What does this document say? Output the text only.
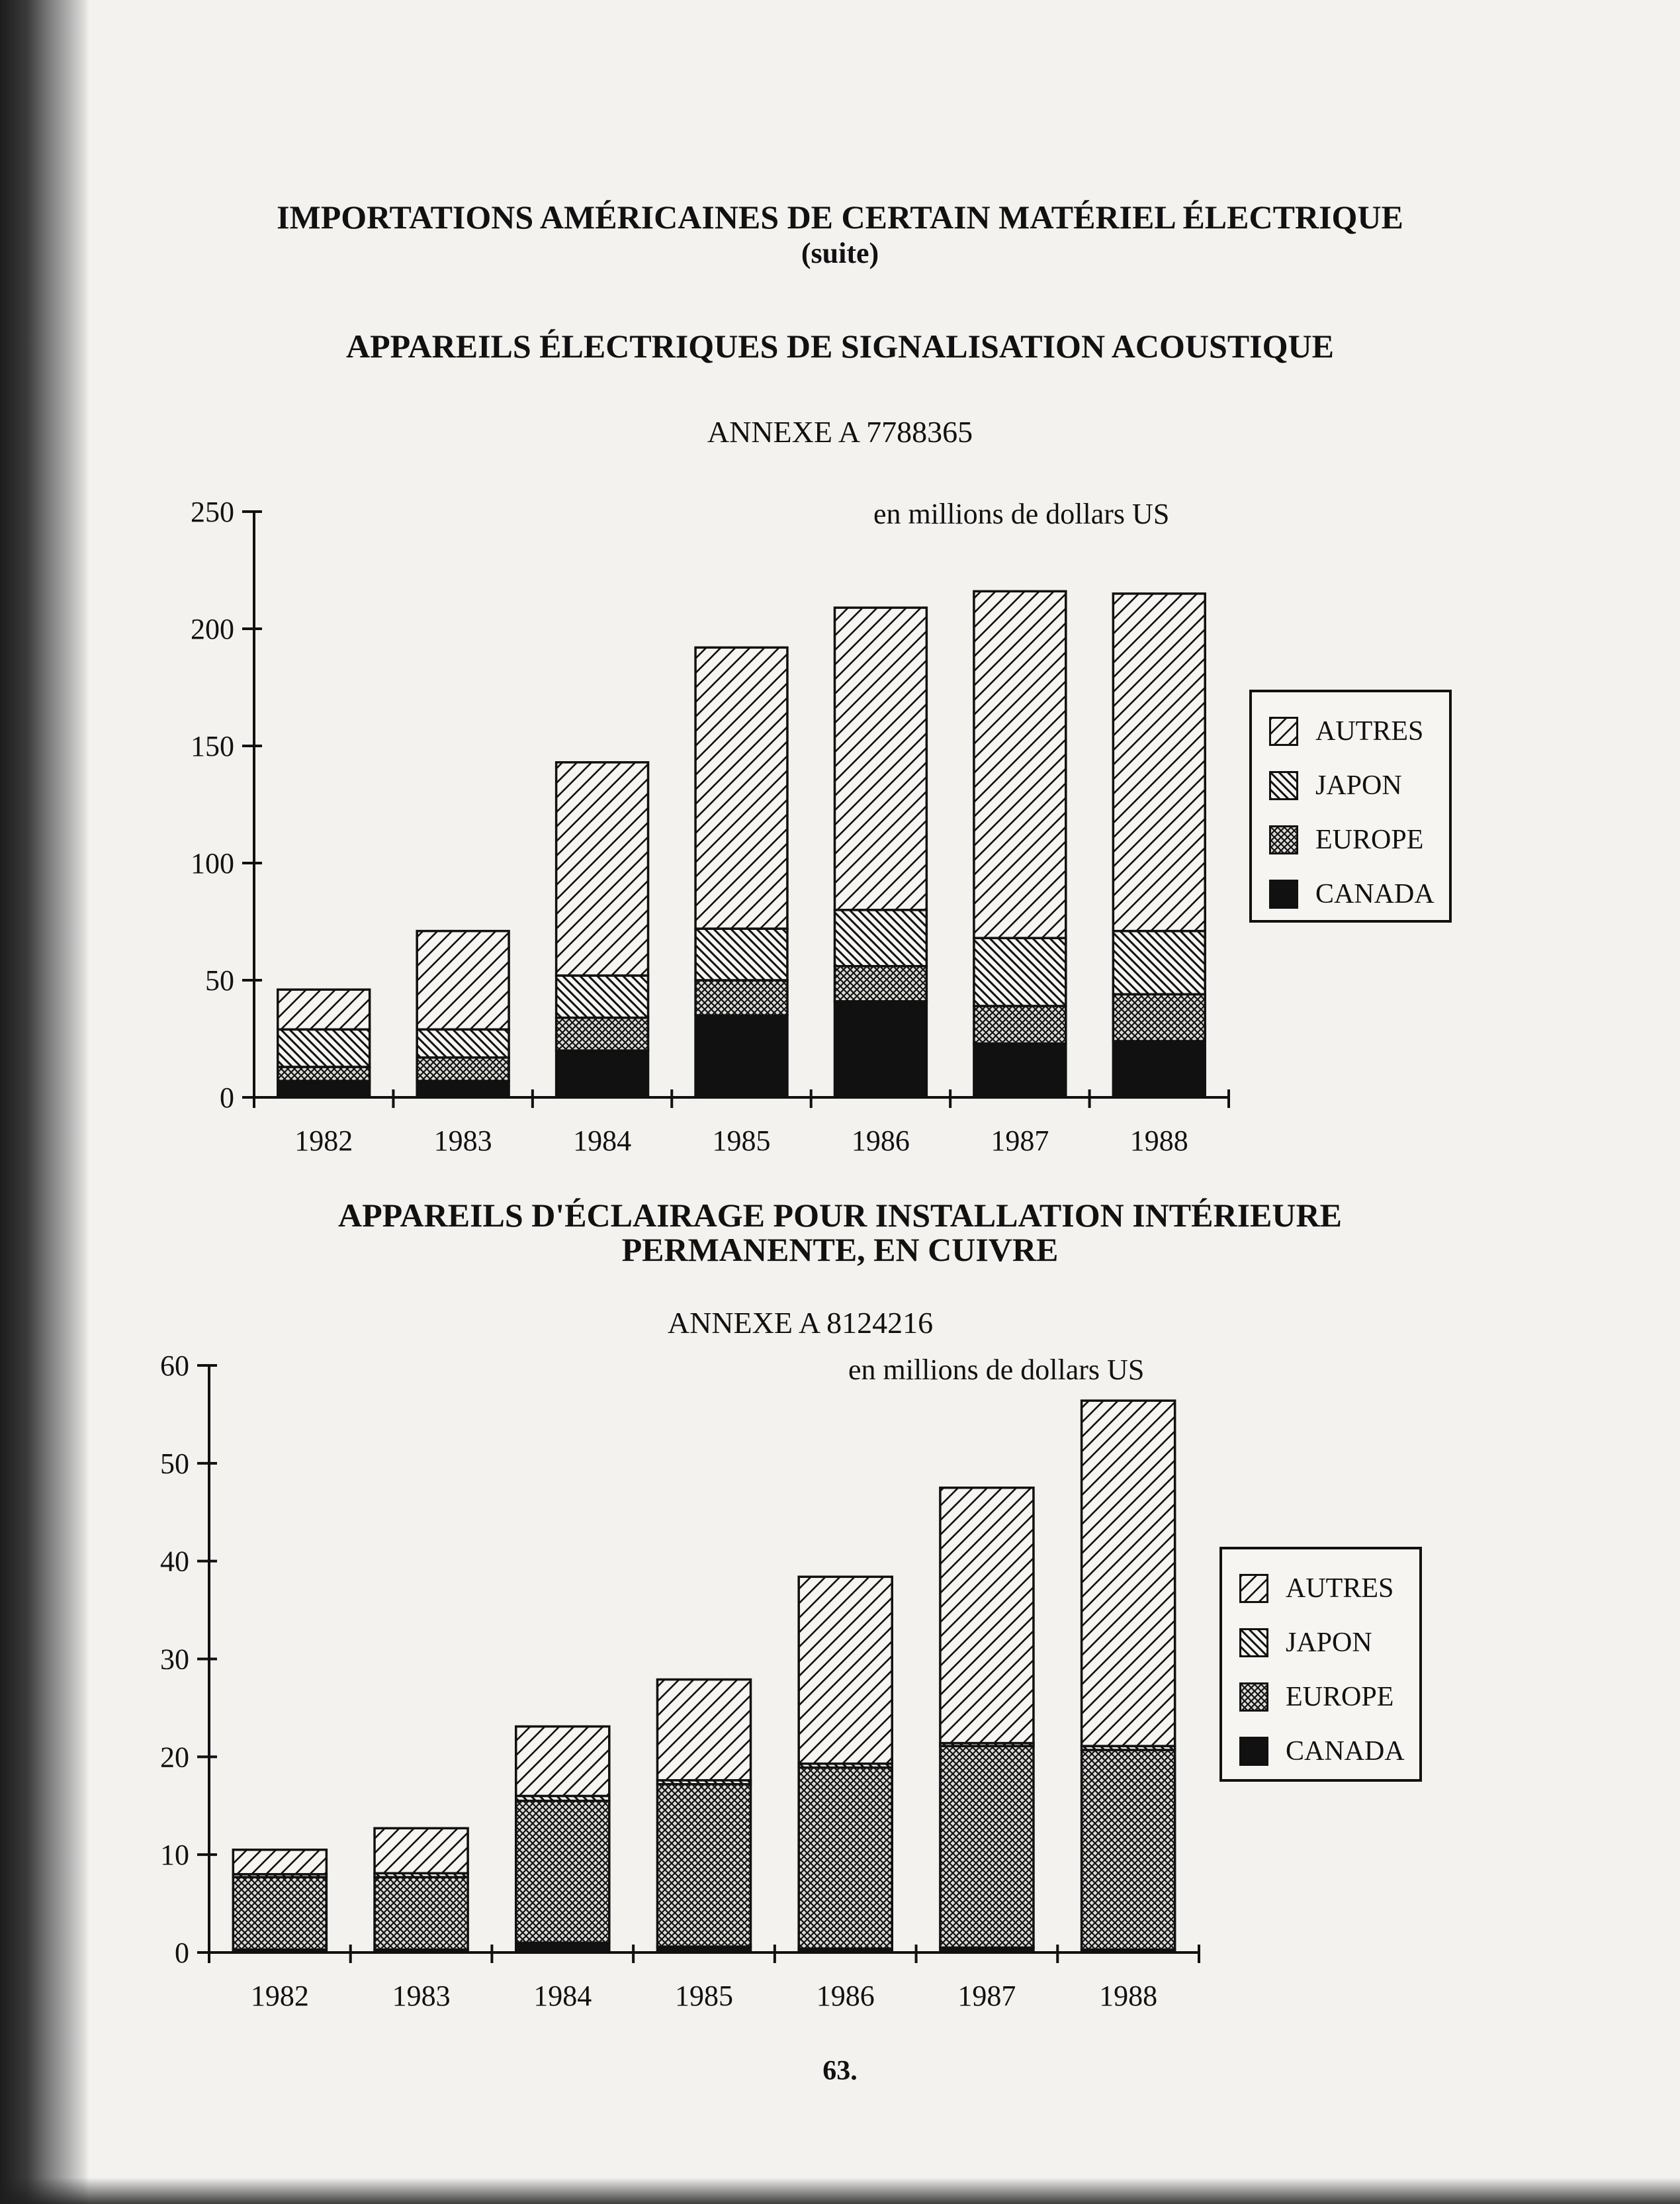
IMPORTATIONS AMÉRICAINES DE CERTAIN MATÉRIEL ÉLECTRIQUE
(suite)
APPAREILS ÉLECTRIQUES DE SIGNALISATION ACOUSTIQUE
ANNEXE A 7788365
en millions de dollars US
0
50
100
150
200
250
1982	1983	1984	1985	1986	1987	1988
AUTRES
JAPON
EUROPE
CANADA
APPAREILS D'ÉCLAIRAGE POUR INSTALLATION INTÉRIEURE
PERMANENTE, EN CUIVRE
ANNEXE A 8124216
en millions de dollars US
0
10
20
30
40
50
60
1982	1983	1984	1985	1986	1987	1988
AUTRES
JAPON
EUROPE
CANADA
63.
